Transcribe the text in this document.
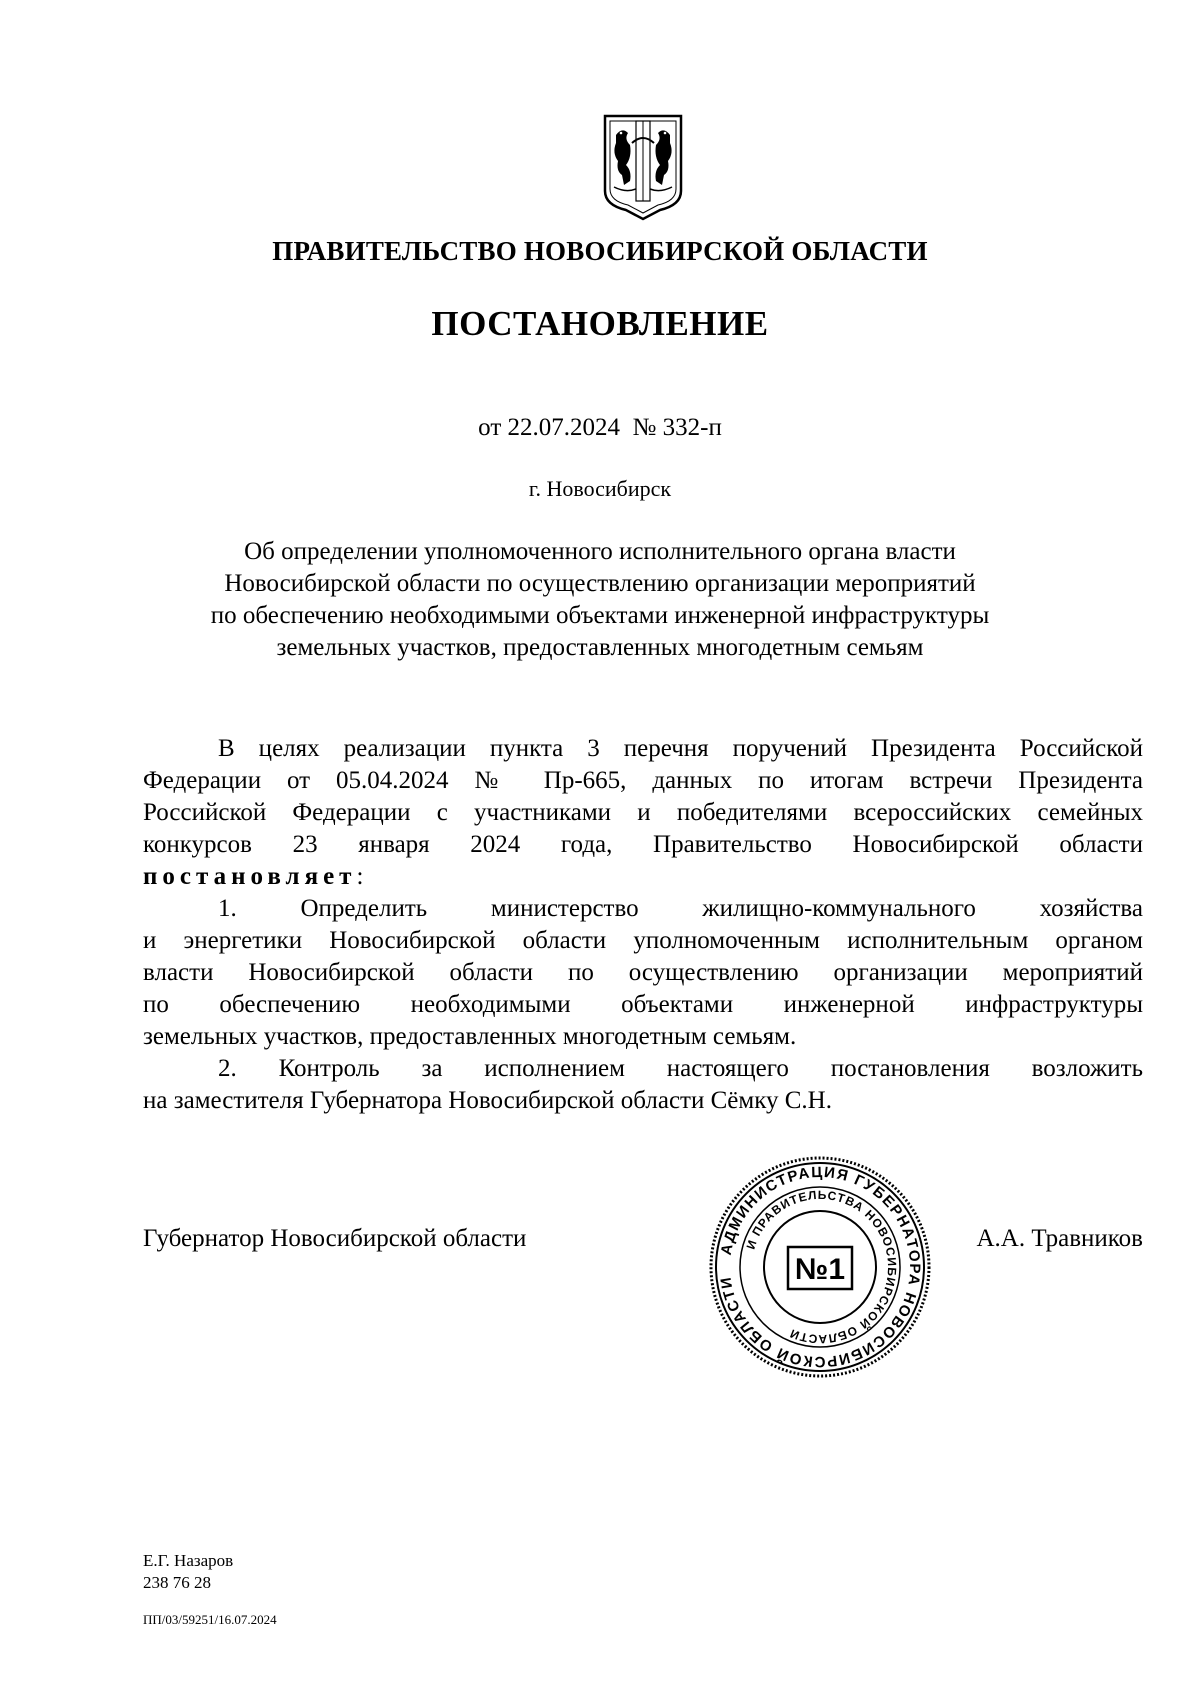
ПРАВИТЕЛЬСТВО НОВОСИБИРСКОЙ ОБЛАСТИ
ПОСТАНОВЛЕНИЕ
от 22.07.2024  № 332-п
г. Новосибирск
Об определении уполномоченного исполнительного органа власти
Новосибирской области по осуществлению организации мероприятий
по обеспечению необходимыми объектами инженерной инфраструктуры
земельных участков, предоставленных многодетным семьям
В целях реализации пункта 3 перечня поручений Президента Российской
Федерации от 05.04.2024 № Пр-665, данных по итогам встречи Президента
Российской Федерации с участниками и победителями всероссийских семейных
конкурсов 23 января 2024 года, Правительство Новосибирской области
постановляет:
1. Определить министерство жилищно-коммунального хозяйства
и энергетики Новосибирской области уполномоченным исполнительным органом
власти Новосибирской области по осуществлению организации мероприятий
по обеспечению необходимыми объектами инженерной инфраструктуры
земельных участков, предоставленных многодетным семьям.
2. Контроль за исполнением настоящего постановления возложить
на заместителя Губернатора Новосибирской области Сёмку С.Н.
Губернатор Новосибирской области	А.А. Травников
АДМИНИСТРАЦИЯ ГУБЕРНАТОРА НОВОСИБИРСКОЙ ОБЛАСТИ
И ПРАВИТЕЛЬСТВА НОВОСИБИРСКОЙ ОБЛАСТИ
№1
Е.Г. Назаров
238 76 28
ПП/03/59251/16.07.2024
